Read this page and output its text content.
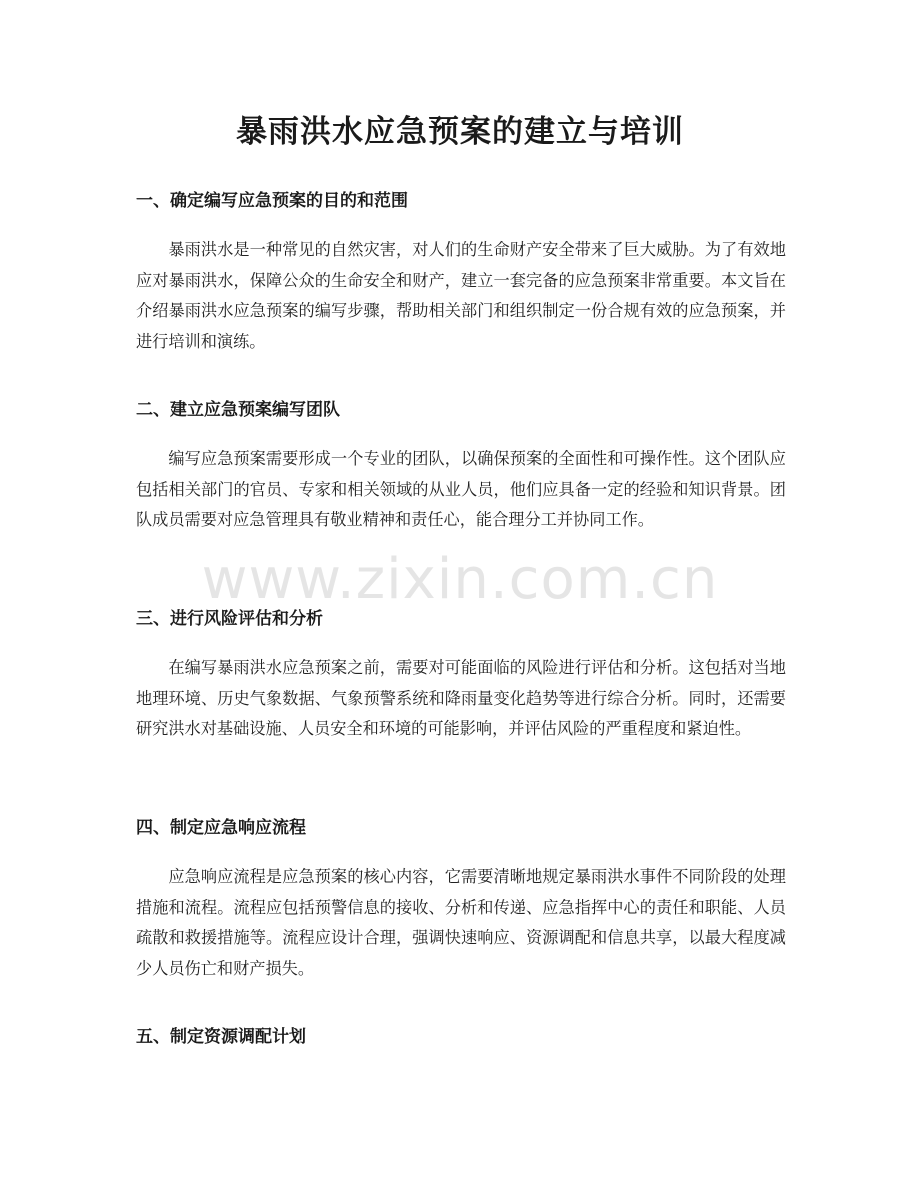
暴雨洪水应急预案的建立与培训
一、确定编写应急预案的目的和范围

暴雨洪水是一种常见的自然灾害，对人们的生命财产安全带来了巨大威胁。为了有效地应对暴雨洪水，保障公众的生命安全和财产，建立一套完备的应急预案非常重要。本文旨在介绍暴雨洪水应急预案的编写步骤，帮助相关部门和组织制定一份合规有效的应急预案，并进行培训和演练。

二、建立应急预案编写团队

编写应急预案需要形成一个专业的团队，以确保预案的全面性和可操作性。这个团队应包括相关部门的官员、专家和相关领域的从业人员，他们应具备一定的经验和知识背景。团队成员需要对应急管理具有敬业精神和责任心，能合理分工并协同工作。

三、进行风险评估和分析

在编写暴雨洪水应急预案之前，需要对可能面临的风险进行评估和分析。这包括对当地地理环境、历史气象数据、气象预警系统和降雨量变化趋势等进行综合分析。同时，还需要研究洪水对基础设施、人员安全和环境的可能影响，并评估风险的严重程度和紧迫性。

四、制定应急响应流程

应急响应流程是应急预案的核心内容，它需要清晰地规定暴雨洪水事件不同阶段的处理措施和流程。流程应包括预警信息的接收、分析和传递、应急指挥中心的责任和职能、人员疏散和救援措施等。流程应设计合理，强调快速响应、资源调配和信息共享，以最大程度减少人员伤亡和财产损失。

五、制定资源调配计划
www.zixin.com.cn
